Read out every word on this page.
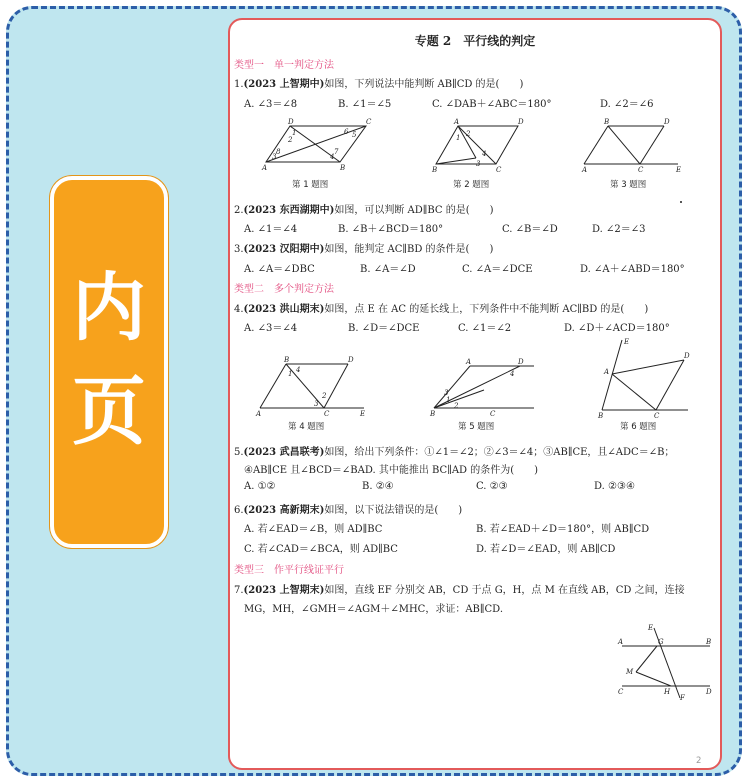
内
页
专题 2　平行线的判定
类型一　单一判定方法
1.(2023 上智期中)如图，下列说法中能判断 AB∥CD 的是(　　)
A. ∠3＝∠8	B. ∠1＝∠5	C. ∠DAB＋∠ABC＝180°	D. ∠2＝∠6
D	C
A	B
1
2
3	4
5
6
7
8
第 1 题图
A	D
B	C
1 2
3
4
第 2 题图
B	D
A	C	E
第 3 题图
2.(2023 东西湖期中)如图，可以判断 AD∥BC 的是(　　)
A. ∠1＝∠4	B. ∠B＋∠BCD＝180°	C. ∠B＝∠D	D. ∠2＝∠3
3.(2023 汉阳期中)如图，能判定 AC∥BD 的条件是(　　)
A. ∠A＝∠DBC	B. ∠A＝∠D	C. ∠A＝∠DCE	D. ∠A＋∠ABD＝180°
类型二　多个判定方法
4.(2023 洪山期末)如图，点 E 在 AC 的延长线上，下列条件中不能判断 AC∥BD 的是(　　)
A. ∠3＝∠4	B. ∠D＝∠DCE	C. ∠1＝∠2	D. ∠D＋∠ACD＝180°
B	D
A	C	E
1
2
3
4
第 4 题图
A	D
B	C
1
2
3
4
第 5 题图
E
A
D
B	C
第 6 题图
5.(2023 武昌联考)如图，给出下列条件：①∠1＝∠2；②∠3＝∠4；③AB∥CE，且∠ADC＝∠B；
④AB∥CE 且∠BCD＝∠BAD. 其中能推出 BC∥AD 的条件为(　　)
A. ①②	B. ②④	C. ②③	D. ②③④
6.(2023 高新期末)如图，以下说法错误的是(　　)
A. 若∠EAD＝∠B，则 AD∥BC	B. 若∠EAD＋∠D＝180°，则 AB∥CD
C. 若∠CAD＝∠BCA，则 AD∥BC	D. 若∠D＝∠EAD，则 AB∥CD
类型三　作平行线证平行
7.(2023 上智期末)如图，直线 EF 分别交 AB，CD 于点 G，H，点 M 在直线 AB，CD 之间，连接
MG，MH，∠GMH＝∠AGM＋∠MHC，求证：AB∥CD.
A
E
G	B
M
C	H
F
D
2
